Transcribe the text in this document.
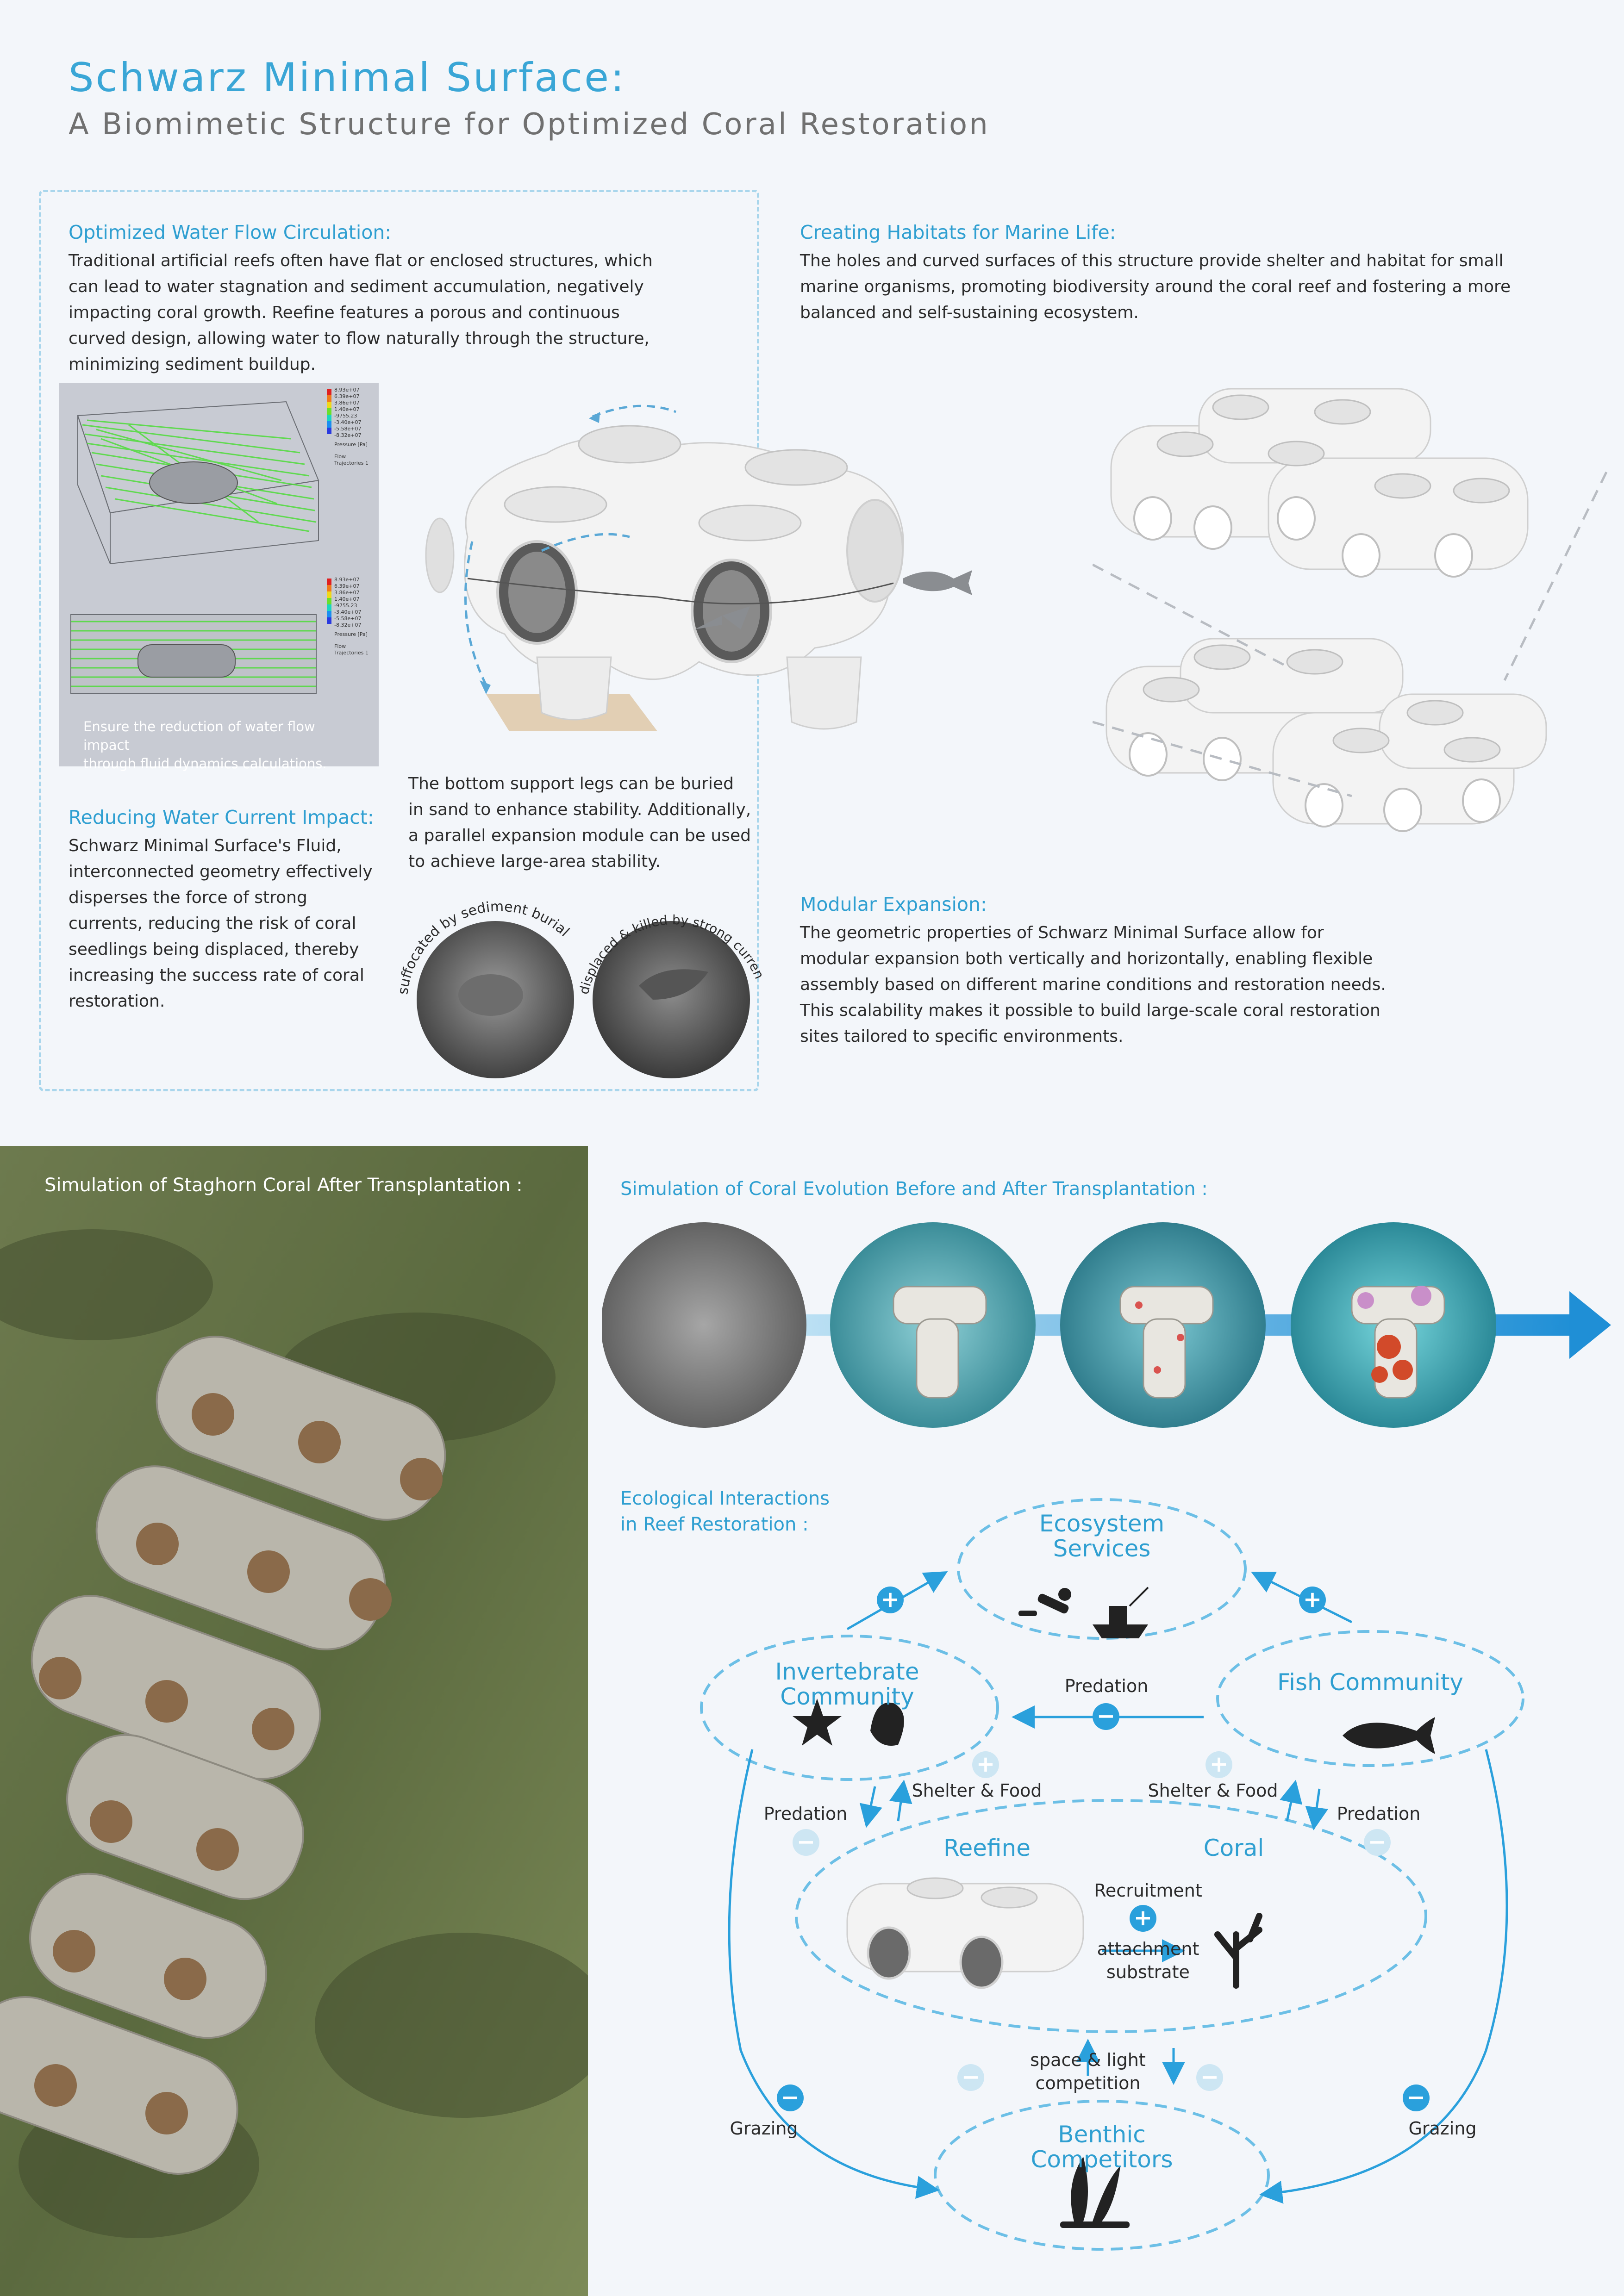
Schwarz Minimal Surface:
A Biomimetic Structure for Optimized Coral Restoration
Optimized Water Flow Circulation:
Traditional artificial reefs often have flat or enclosed structures, which
can lead to water stagnation and sediment accumulation, negatively
impacting coral growth. Reefine features a porous and continuous
curved design, allowing water to flow naturally through the structure,
minimizing sediment buildup.
8.93e+07
6.39e+07
3.86e+07
1.40e+07
-9755.23
-3.40e+07
-5.58e+07
-8.32e+07
Pressure [Pa]
Flow Trajectories 1
8.93e+07
6.39e+07
3.86e+07
1.40e+07
-9755.23
-3.40e+07
-5.58e+07
-8.32e+07
Pressure [Pa]
Flow Trajectories 1
Ensure the reduction of water flow impact
through fluid dynamics calculations.
Creating Habitats for Marine Life:
The holes and curved surfaces of this structure provide shelter and habitat for small
marine organisms, promoting biodiversity around the coral reef and fostering a more
balanced and self-sustaining ecosystem.
The bottom support legs can be buried
in sand to enhance stability. Additionally,
a parallel expansion module can be used
to achieve large-area stability.
Reducing Water Current Impact:
Schwarz Minimal Surface's Fluid,
interconnected geometry effectively
disperses the force of strong
currents, reducing the risk of coral
seedlings being displaced, thereby
increasing the success rate of coral
restoration.
suffocated by sediment burial
displaced & killed by strong curren
Modular Expansion:
The geometric properties of Schwarz Minimal Surface allow for
modular expansion both vertically and horizontally, enabling flexible
assembly based on different marine conditions and restoration needs.
This scalability makes it possible to build large-scale coral restoration
sites tailored to specific environments.
Simulation of Staghorn Coral After Transplantation :	Simulation of Coral Evolution Before and After Transplantation :
Ecological Interactions
in Reef Restoration :	Ecosystem
Services
Invertebrate
Community
Fish Community
Reefine	Coral
Benthic
Competitors
Predation
Shelter & Food	Shelter & Food
Predation	Predation
Recruitment
attachment
substrate
space & light
competition
Grazing	Grazing
+	+
−
+	+
−	−
+
−	−
−	−
